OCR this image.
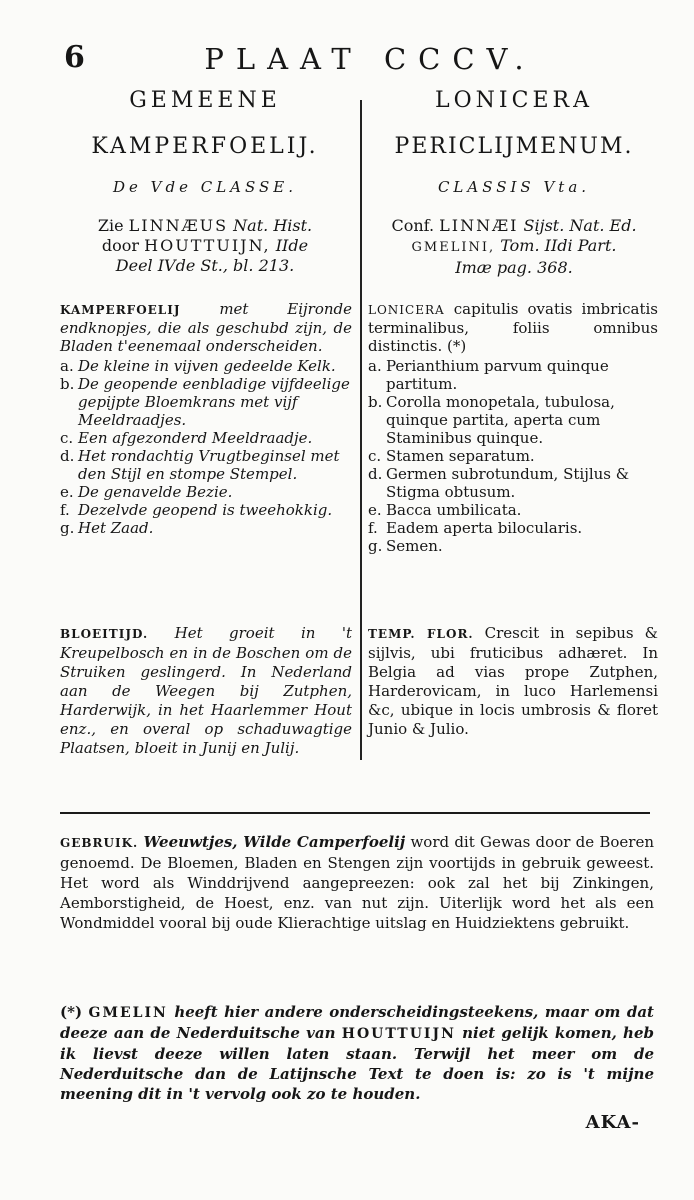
6	PLAAT CCCV.
GEMEENE
KAMPERFOELIJ.
De Vde CLASSE.
Zie LINNÆUS Nat. Hist.
door HOUTTUIJN, IIde
Deel IVde St., bl. 213.
KAMPERFOELIJ	met Eijronde endknopjes, die als geschubd zijn, de Bladen t'eenemaal onderscheiden.
a. De kleine in vijven gedeelde Kelk.
b. De geopende eenbladige vijfdeelige gepijpte Bloemkrans met vijf Meeldraadjes.
c. Een afgezonderd Meeldraadje.
d. Het rondachtig Vrugtbeginsel met den Stijl en stompe Stempel.
e. De genavelde Bezie.
f. Dezelvde geopend is tweehokkig.
g. Het Zaad.
BLOEITIJD. Het groeit in 't Kreupelbosch en in de Boschen om de Struiken geslingerd. In Nederland aan de Weegen bij Zutphen, Harderwijk, in het Haarlemmer Hout enz., en overal op schaduwagtige Plaatsen, bloeit in Junij en Julij.
LONICERA
PERICLIJMENUM.
CLASSIS Vta.
Conf. LINNÆI Sijst. Nat. Ed.
GMELINI, Tom. IIdi Part.
Imæ pag. 368.
LONICERA capitulis ovatis imbricatis terminalibus, foliis omnibus distinctis. (*)
a. Perianthium parvum quinque partitum.
b. Corolla monopetala, tubulosa, quinque partita, aperta cum Staminibus quinque.
c. Stamen separatum.
d. Germen subrotundum, Stijlus & Stigma obtusum.
e. Bacca umbilicata.
f. Eadem aperta bilocularis.
g. Semen.
TEMP. FLOR. Crescit in sepibus & sijlvis, ubi fruticibus adhæret. In Belgia ad vias prope Zutphen, Harderovicam, in luco Harlemensi &c, ubique in locis umbrosis & floret Junio & Julio.
GEBRUIK. Weeuwtjes, Wilde Camperfoelij word dit Gewas door de Boeren genoemd. De Bloemen, Bladen en Stengen zijn voortijds in gebruik geweest. Het word als Winddrijvend aangepreezen: ook zal het bij Zinkingen, Aemborstigheid, de Hoest, enz. van nut zijn. Uiterlijk word het als een Wondmiddel vooral bij oude Klierachtige uitslag en Huidziektens gebruikt.
(*) GMELIN heeft hier andere onderscheidingsteekens, maar om dat deeze aan de Nederduitsche van HOUTTUIJN niet gelijk komen, heb ik lievst deeze willen laten staan. Terwijl het meer om de Nederduitsche dan de Latijnsche Text te doen is: zo is 't mijne meening dit in 't vervolg ook zo te houden.
AKA-
